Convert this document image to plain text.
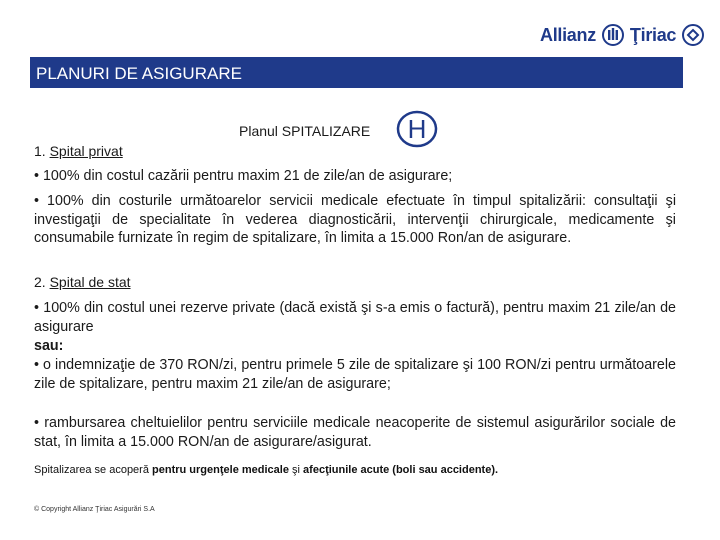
Allianz Ţiriac
PLANURI DE ASIGURARE
Planul SPITALIZARE H
1. Spital privat
• 100% din costul cazării pentru maxim 21 de zile/an de asigurare;
• 100% din costurile următoarelor servicii medicale efectuate în timpul spitalizării: consultaţii şi investigaţii de specialitate în vederea diagnosticării, intervenţii chirurgicale, medicamente şi consumabile furnizate în regim de spitalizare, în limita a 15.000 Ron/an de asigurare.
2. Spital de stat
• 100% din costul unei rezerve private (dacă există şi s-a emis o factură), pentru maxim 21 zile/an de asigurare
sau:
• o indemnizaţie de 370 RON/zi, pentru primele 5 zile de spitalizare şi 100 RON/zi pentru următoarele zile de spitalizare, pentru maxim 21 zile/an de asigurare;
• rambursarea cheltuielilor pentru serviciile medicale neacoperite de sistemul asigurărilor sociale de stat, în limita a 15.000 RON/an de asigurare/asigurat.
Spitalizarea se acoperă pentru urgenţele medicale şi afecţiunile acute (boli sau accidente).
© Copyright Allianz Ţiriac Asigurări S.A
